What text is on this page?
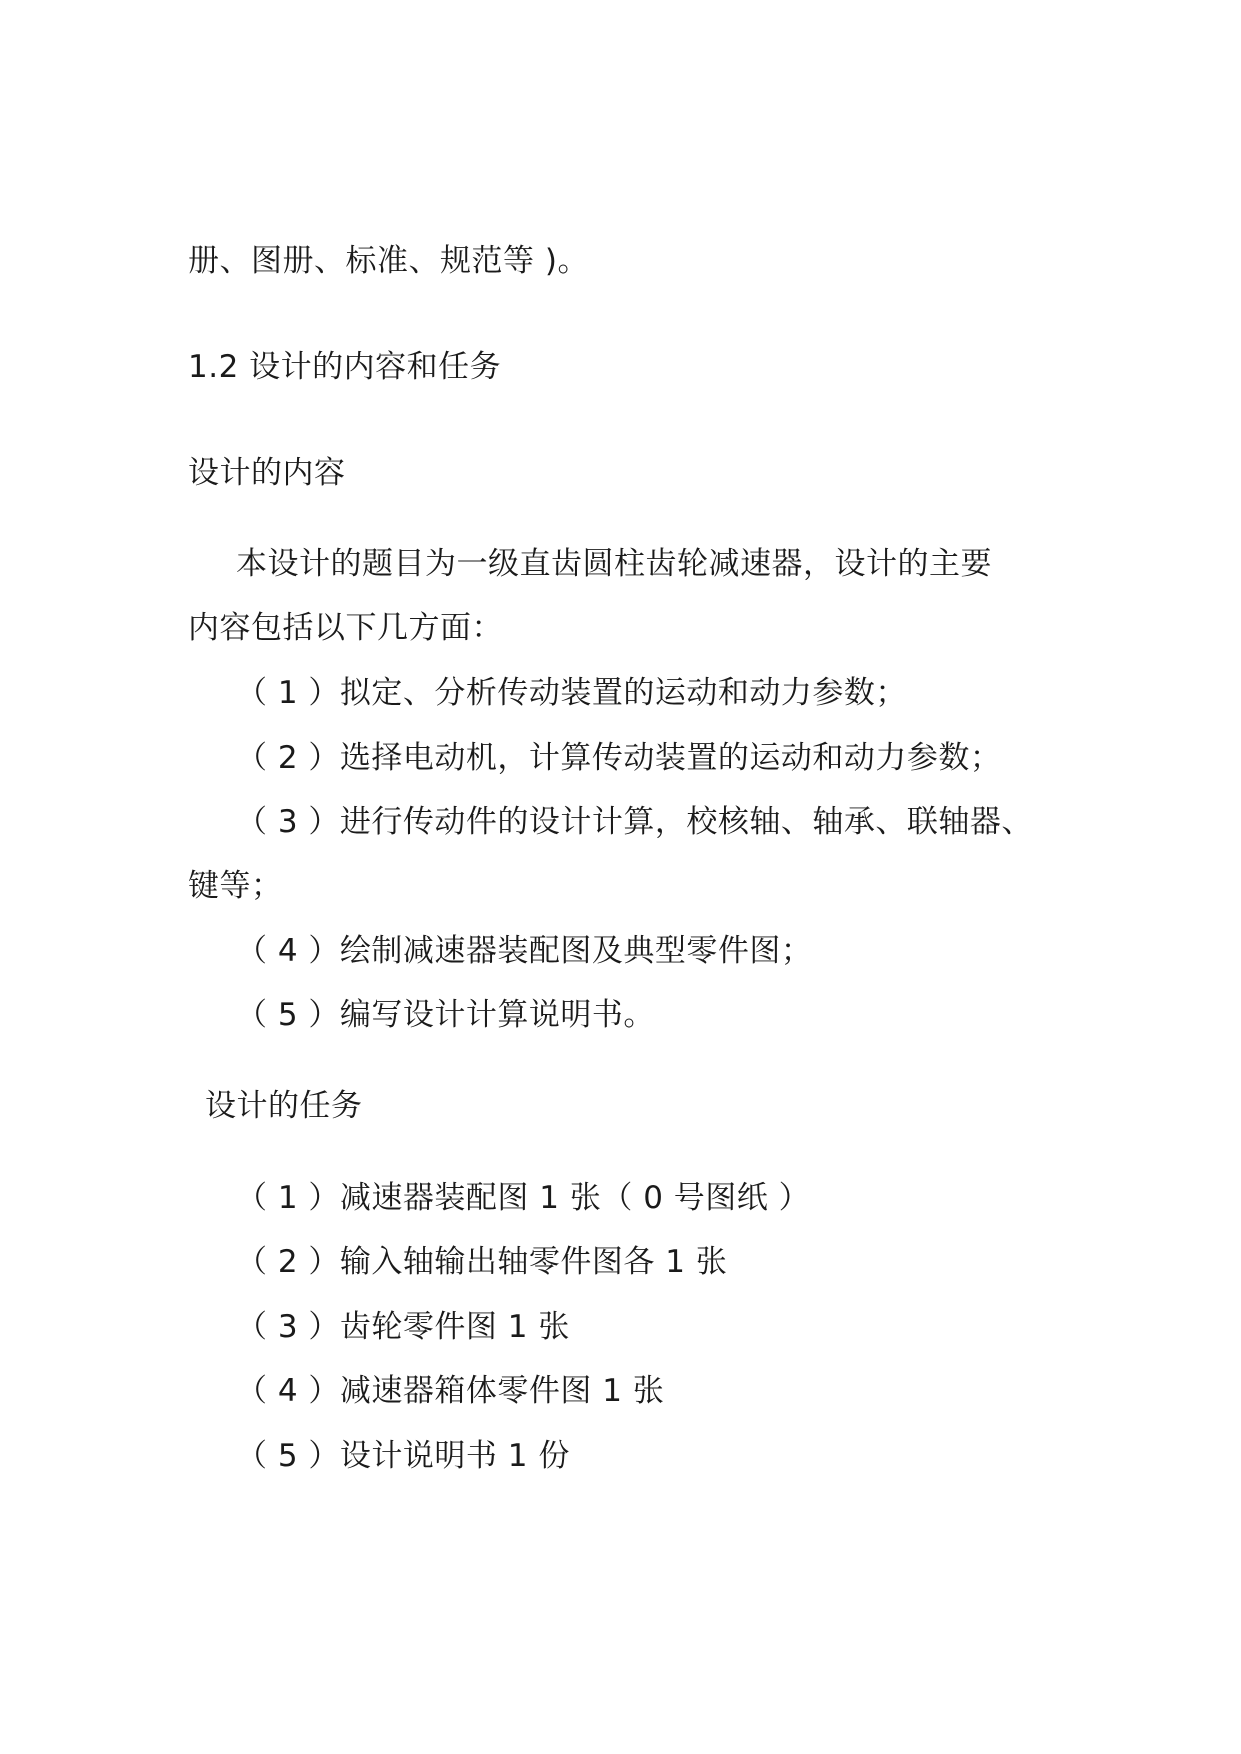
册、图册、标准、规范等 )。
1.2 设计的内容和任务
设计的内容
本设计的题目为一级直齿圆柱齿轮减速器，设计的主要
内容包括以下几方面：
（ 1 ）拟定、分析传动装置的运动和动力参数；
（ 2 ）选择电动机，计算传动装置的运动和动力参数；
（ 3 ）进行传动件的设计计算，校核轴、轴承、联轴器、
键等；
（ 4 ）绘制减速器装配图及典型零件图；
（ 5 ）编写设计计算说明书。
设计的任务
（ 1 ）减速器装配图 1 张（ 0 号图纸 ）
（ 2 ）输入轴输出轴零件图各 1 张
（ 3 ）齿轮零件图 1 张
（ 4 ）减速器箱体零件图 1 张
（ 5 ）设计说明书 1 份
